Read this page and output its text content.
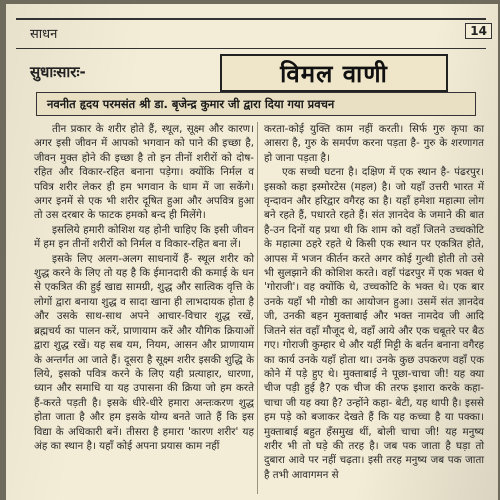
साधन	14
सुधाःसारः-	विमल वाणी
नवनीत हृदय परमसंत श्री डा. बृजेन्द्र कुमार जी द्वारा दिया गया प्रवचन

तीन प्रकार के शरीर होते हैं, स्थूल, सूक्ष्म और कारण। अगर इसी जीवन में आपको भगवान को पाने की इच्छा है, जीवन मुक्त होने की इच्छा है तो इन तीनों शरीरों को दोष-रहित और विकार-रहित बनाना पड़ेगा। क्योंकि निर्मल व पवित्र शरीर लेकर ही हम भगवान के धाम में जा सकेंगे। अगर इनमें से एक भी शरीर दूषित हुआ और अपवित्र हुआ तो उस दरबार के फाटक हमको बन्द ही मिलेंगे।

इसलिये हमारी कोशिश यह होनी चाहिए कि इसी जीवन में हम इन तीनों शरीरों को निर्मल व विकार-रहित बना लें।

इसके लिए अलग-अलग साधनायें हैं- स्थूल शरीर को शुद्ध करने के लिए तो यह है कि ईमानदारी की कमाई के धन से एकत्रित की हुई खाद्य सामग्री, शुद्ध और सात्विक वृत्ति के लोगों द्वारा बनाया शुद्ध व सादा खाना ही लाभदायक होता है और उसके साथ-साथ अपने आचार-विचार शुद्ध रखें, ब्रह्मचर्य का पालन करें, प्राणायाम करें और यौगिक क्रियाओं द्वारा शुद्ध रखें। यह सब यम, नियम, आसन और प्राणायाम के अन्तर्गत आ जाते हैं। दूसरा है सूक्ष्म शरीर इसकी शुद्धि के लिये, इसको पवित्र करने के लिए यही प्रत्याहार, धारणा, ध्यान और समाधि या यह उपासना की क्रिया जो हम करते हैं-करते पड़ती है। इसके धीरे-धीरे हमारा अन्तःकरण शुद्ध होता जाता है और हम इसके योग्य बनते जाते हैं कि इस विद्या के अधिकारी बनें। तीसरा है हमारा 'कारण शरीर' यह अंह का स्थान है। यहाँ कोई अपना प्रयास काम नहीं

करता-कोई युक्ति काम नहीं करती। सिर्फ गुरु कृपा का आसरा है, गुरु के समर्पण करना पड़ता है- गुरु के शरणागत हो जाना पड़ता है।

एक सच्ची घटना है। दक्षिण में एक स्थान है- पंढरपुर। इसको कहा इस्मोरटेस (महल) है। जो यहाँ उत्तरी भारत में वृन्दावन और हरिद्वार वगैरह का है। यहाँ हमेशा महात्मा लोग बने रहते हैं, पधारते रहते हैं। संत ज्ञानदेव के जमाने की बात है-उन दिनों यह प्रथा थी कि शाम को वहाँ जितने उच्चकोटि के महात्मा ठहरे रहते थे किसी एक स्थान पर एकत्रित होते, आपस में भजन कीर्तन करते अगर कोई गुत्थी होती तो उसे भी सुलझाने की कोशिश करते। वहाँ पंढरपुर में एक भक्त थे 'गोराजी'। वह क्योंकि थे, उच्चकोटि के भक्त थे। एक बार उनके यहाँ भी गोष्ठी का आयोजन हुआ। उसमें संत ज्ञानदेव जी, उनकी बहन मुक्ताबाई और भक्त नामदेव जी आदि जितने संत वहाँ मौजूद थे, वहाँ आये और एक चबूतरे पर बैठ गए। गोराजी कुम्हार थे और यहीं मिट्टी के बर्तन बनाना वगैरह का कार्य उनके यहाँ होता था। उनके कुछ उपकरण वहाँ एक कोने में पड़े हुए थे। मुक्ताबाई ने पूछा-चाचा जी! यह क्या चीज पड़ी हुई है? एक चीज की तरफ इशारा करके कहा- चाचा जी यह क्या है? उन्होंने कहा- बेटी, यह थापी है। इससे हम पड़े को बजाकर देखते हैं कि यह कच्चा है या पक्का। मुक्ताबाई बहुत हँसमुख थीं, बोली चाचा जी! यह मनुष्य शरीर भी तो घड़े की तरह है। जब पक जाता है घड़ा तो दुबारा आवे पर नहीं चढ़ता। इसी तरह मनुष्य जब पक जाता है तभी आवागमन से
